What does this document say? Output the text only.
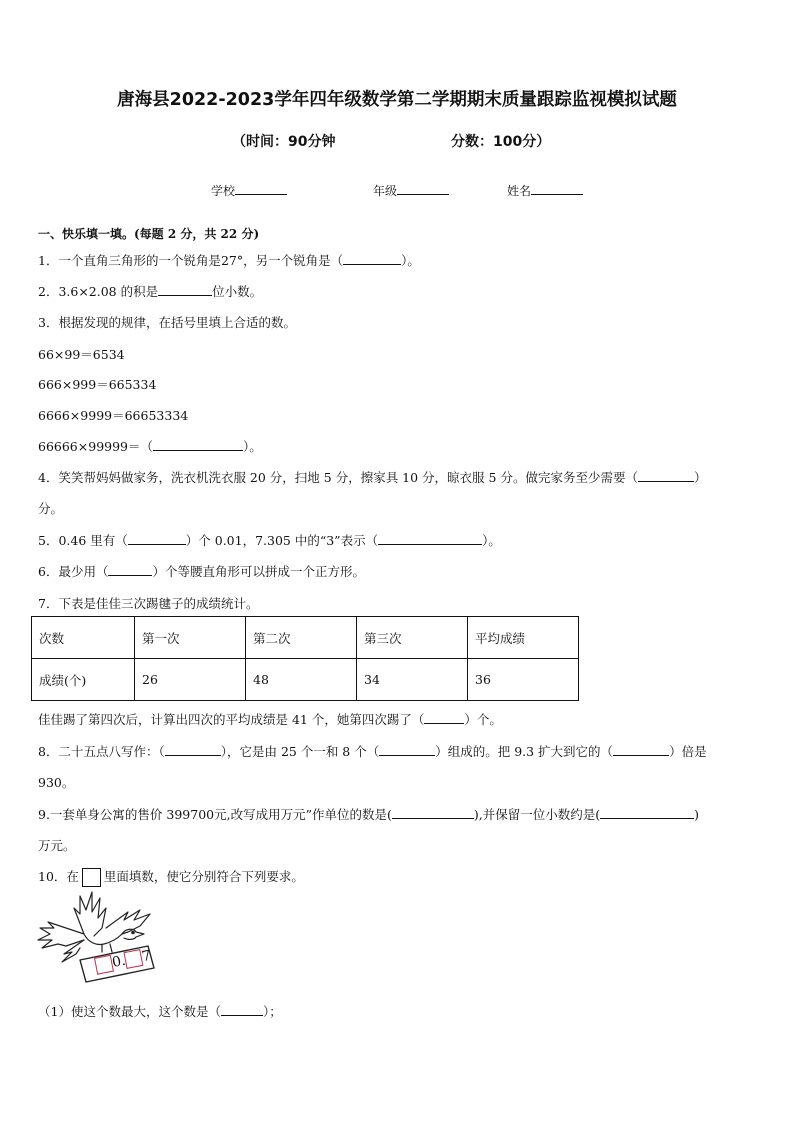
唐海县2022-2023学年四年级数学第二学期期末质量跟踪监视模拟试题
（时间：90分钟	分数：100分）
学校	年级	姓名
一、快乐填一填。(每题 2 分，共 22 分)
1．一个直角三角形的一个锐角是27°，另一个锐角是（	）。
2．3.6×2.08 的积是	位小数。
3．根据发现的规律，在括号里填上合适的数。
66×99＝6534
666×999＝665334
6666×9999＝66653334
66666×99999＝（	）。
4．笑笑帮妈妈做家务，洗衣机洗衣服 20 分，扫地 5 分，擦家具 10 分，晾衣服 5 分。做完家务至少需要（	）
分。
5．0.46 里有（	）个 0.01，7.305 中的“3”表示（	）。
6．最少用（	）个等腰直角形可以拼成一个正方形。
7．下表是佳佳三次踢毽子的成绩统计。
次数	第一次	第二次	第三次	平均成绩
成绩(个)	26	48	34	36
佳佳踢了第四次后，计算出四次的平均成绩是 41 个，她第四次踢了（	）个。
8．二十五点八写作：（	），它是由 25 个一和 8 个（	）组成的。把 9.3 扩大到它的（	）倍是
930。
9.一套单身公寓的售价 399700元,改写成用万元”作单位的数是(	),并保留一位小数约是(	)
万元。
10．在 里面填数，使它分别符合下列要求。
0. 7
（1）使这个数最大，这个数是（	）；
